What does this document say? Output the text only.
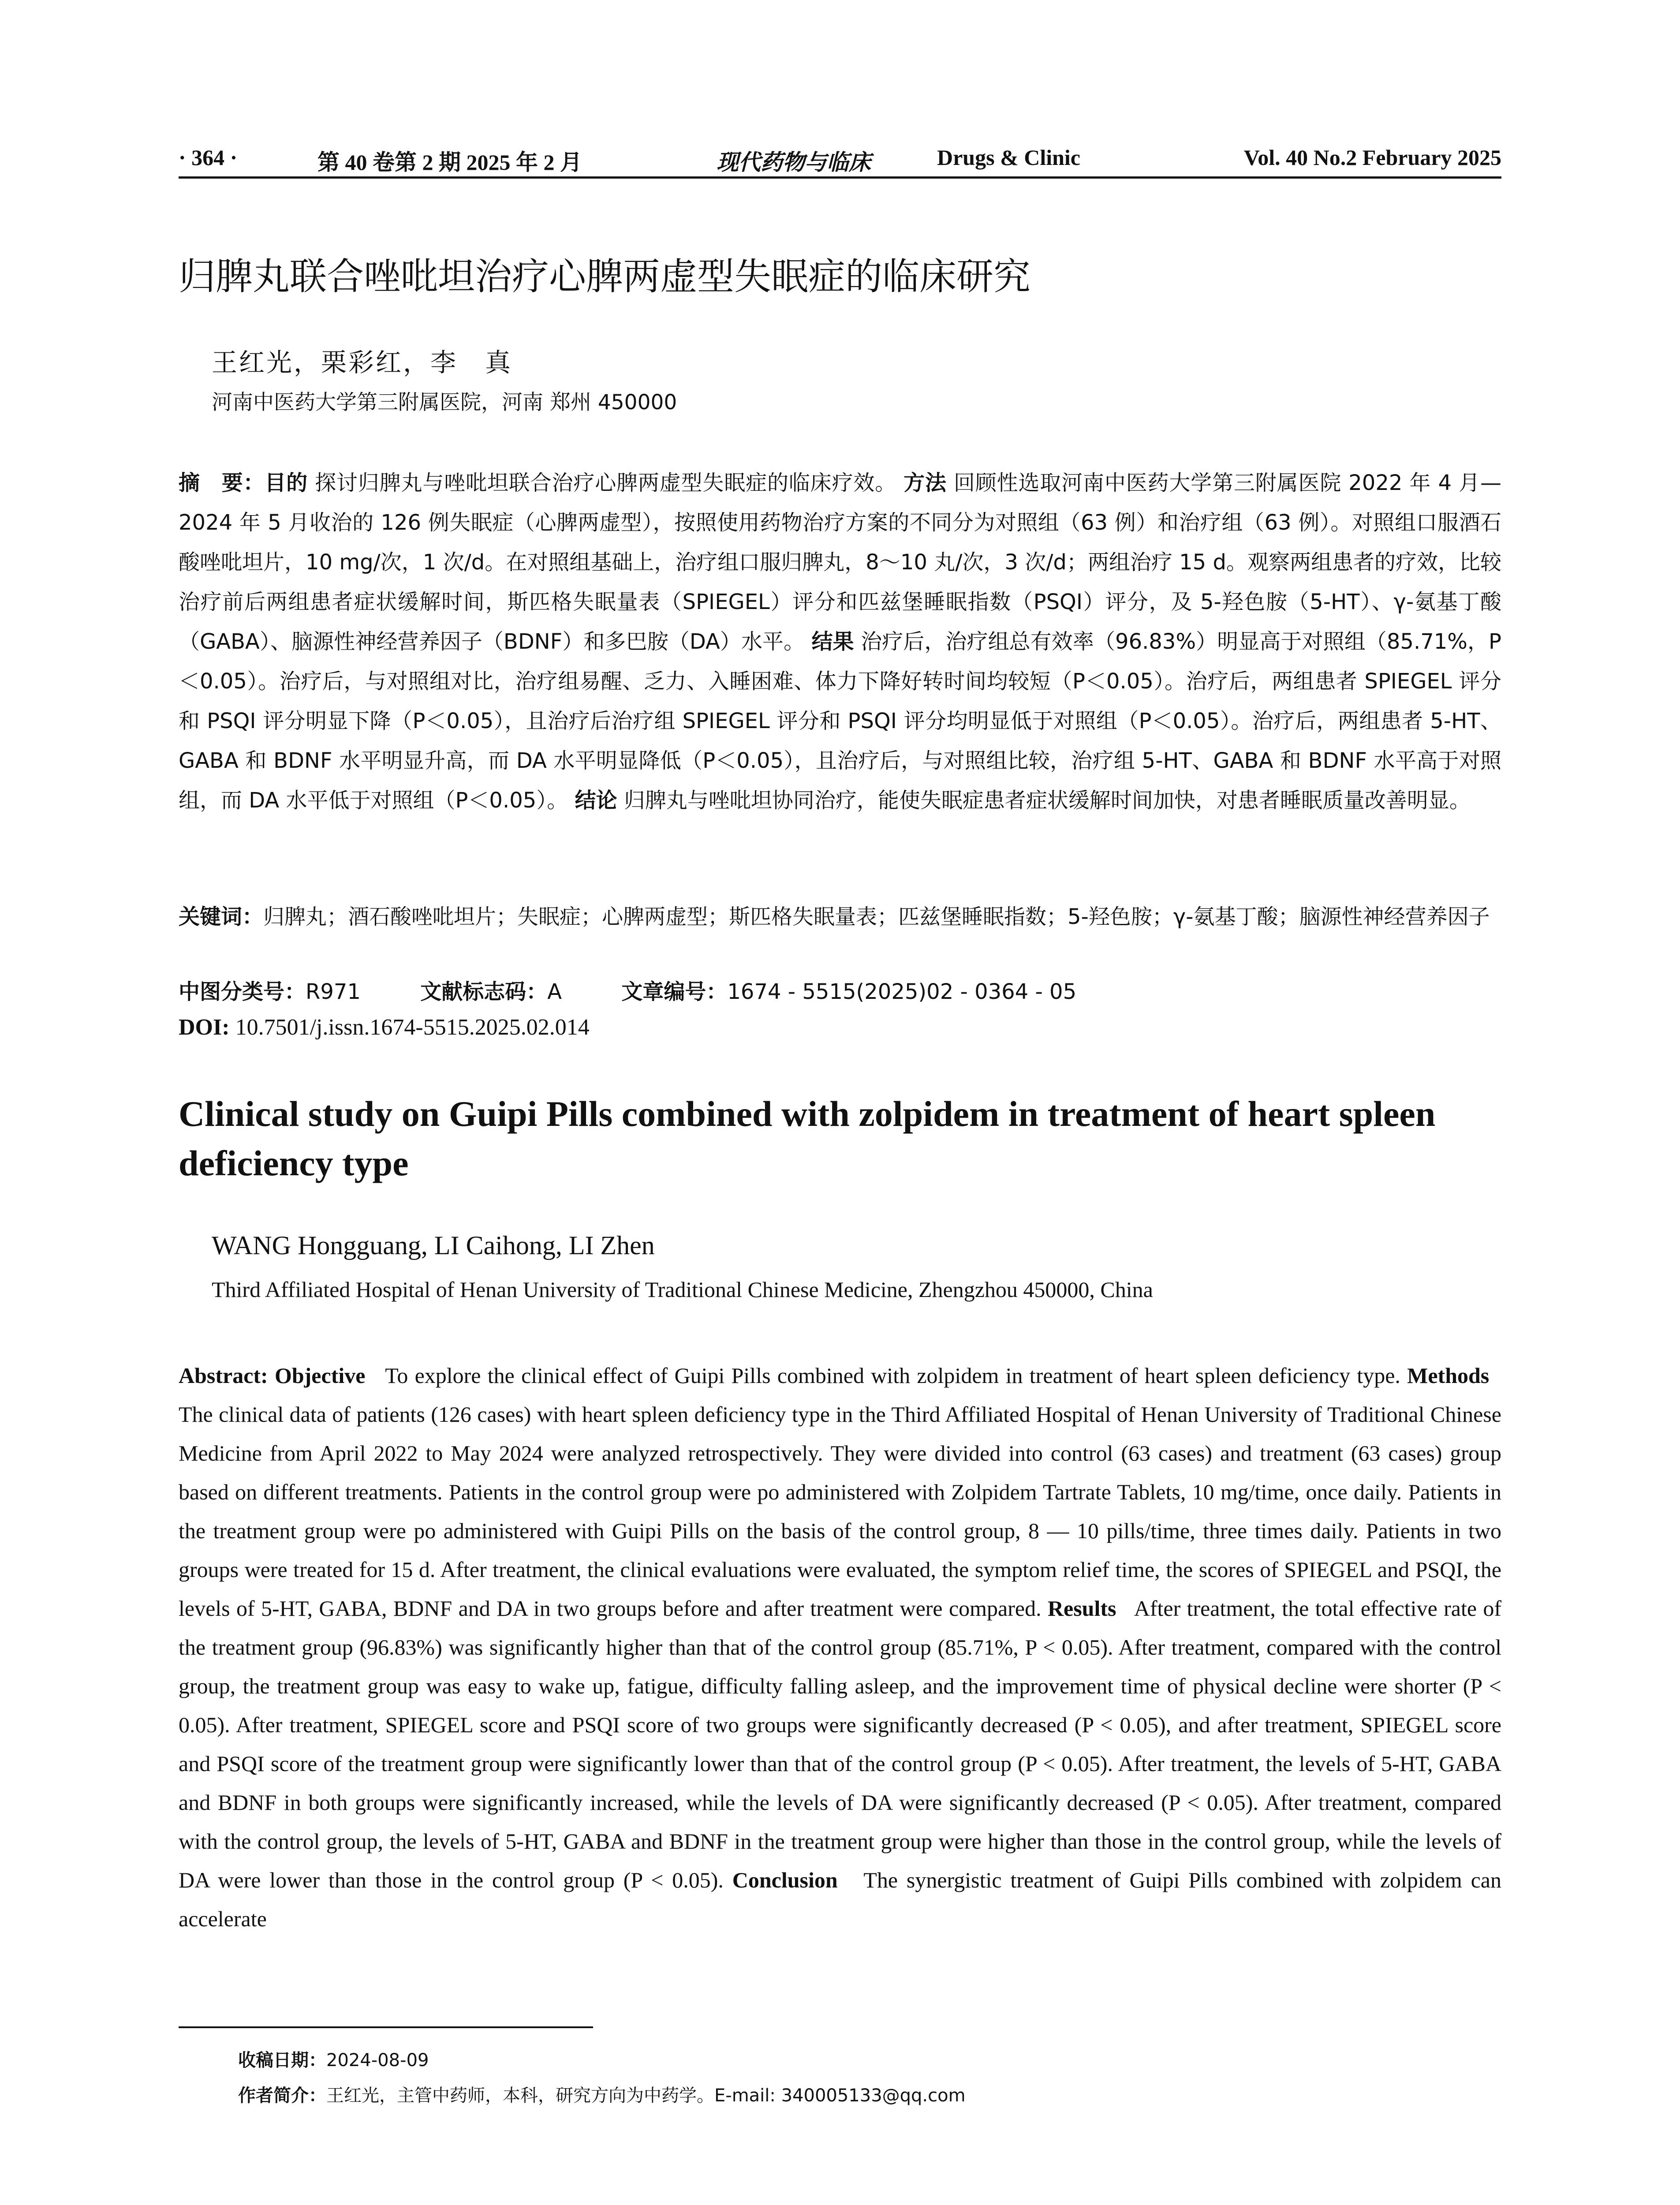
· 364 ·	第 40 卷第 2 期 2025 年 2 月	现代药物与临床	Drugs & Clinic	Vol. 40 No.2 February 2025
归脾丸联合唑吡坦治疗心脾两虚型失眠症的临床研究
王红光，栗彩红，李　真
河南中医药大学第三附属医院，河南 郑州 450000
摘　要：目的 探讨归脾丸与唑吡坦联合治疗心脾两虚型失眠症的临床疗效。 方法 回顾性选取河南中医药大学第三附属医院 2022 年 4 月—2024 年 5 月收治的 126 例失眠症（心脾两虚型），按照使用药物治疗方案的不同分为对照组（63 例）和治疗组（63 例）。对照组口服酒石酸唑吡坦片，10 mg/次，1 次/d。在对照组基础上，治疗组口服归脾丸，8～10 丸/次，3 次/d；两组治疗 15 d。观察两组患者的疗效，比较治疗前后两组患者症状缓解时间，斯匹格失眠量表（SPIEGEL）评分和匹兹堡睡眠指数（PSQI）评分，及 5-羟色胺（5-HT）、γ-氨基丁酸（GABA）、脑源性神经营养因子（BDNF）和多巴胺（DA）水平。 结果 治疗后，治疗组总有效率（96.83%）明显高于对照组（85.71%，P＜0.05）。治疗后，与对照组对比，治疗组易醒、乏力、入睡困难、体力下降好转时间均较短（P＜0.05）。治疗后，两组患者 SPIEGEL 评分和 PSQI 评分明显下降（P＜0.05），且治疗后治疗组 SPIEGEL 评分和 PSQI 评分均明显低于对照组（P＜0.05）。治疗后，两组患者 5-HT、GABA 和 BDNF 水平明显升高，而 DA 水平明显降低（P＜0.05），且治疗后，与对照组比较，治疗组 5-HT、GABA 和 BDNF 水平高于对照组，而 DA 水平低于对照组（P＜0.05）。 结论 归脾丸与唑吡坦协同治疗，能使失眠症患者症状缓解时间加快，对患者睡眠质量改善明显。
关键词：归脾丸；酒石酸唑吡坦片；失眠症；心脾两虚型；斯匹格失眠量表；匹兹堡睡眠指数；5-羟色胺；γ-氨基丁酸；脑源性神经营养因子
中图分类号：R971	文献标志码：A	文章编号：1674 - 5515(2025)02 - 0364 - 05
DOI: 10.7501/j.issn.1674-5515.2025.02.014
Clinical study on Guipi Pills combined with zolpidem in treatment of heart spleen deficiency type
WANG Hongguang, LI Caihong, LI Zhen
Third Affiliated Hospital of Henan University of Traditional Chinese Medicine, Zhengzhou 450000, China
Abstract: Objective To explore the clinical effect of Guipi Pills combined with zolpidem in treatment of heart spleen deficiency type. Methods   The clinical data of patients (126 cases) with heart spleen deficiency type in the Third Affiliated Hospital of Henan University of Traditional Chinese Medicine from April 2022 to May 2024 were analyzed retrospectively. They were divided into control (63 cases) and treatment (63 cases) group based on different treatments. Patients in the control group were po administered with Zolpidem Tartrate Tablets, 10 mg/time, once daily. Patients in the treatment group were po administered with Guipi Pills on the basis of the control group, 8 — 10 pills/time, three times daily. Patients in two groups were treated for 15 d. After treatment, the clinical evaluations were evaluated, the symptom relief time, the scores of SPIEGEL and PSQI, the levels of 5-HT, GABA, BDNF and DA in two groups before and after treatment were compared. Results After treatment, the total effective rate of the treatment group (96.83%) was significantly higher than that of the control group (85.71%, P < 0.05). After treatment, compared with the control group, the treatment group was easy to wake up, fatigue, difficulty falling asleep, and the improvement time of physical decline were shorter (P < 0.05). After treatment, SPIEGEL score and PSQI score of two groups were significantly decreased (P < 0.05), and after treatment, SPIEGEL score and PSQI score of the treatment group were significantly lower than that of the control group (P < 0.05). After treatment, the levels of 5-HT, GABA and BDNF in both groups were significantly increased, while the levels of DA were significantly decreased (P < 0.05). After treatment, compared with the control group, the levels of 5-HT, GABA and BDNF in the treatment group were higher than those in the control group, while the levels of DA were lower than those in the control group (P < 0.05). Conclusion The synergistic treatment of Guipi Pills combined with zolpidem can accelerate
收稿日期：2024-08-09
作者简介：王红光，主管中药师，本科，研究方向为中药学。E-mail: 340005133@qq.com
